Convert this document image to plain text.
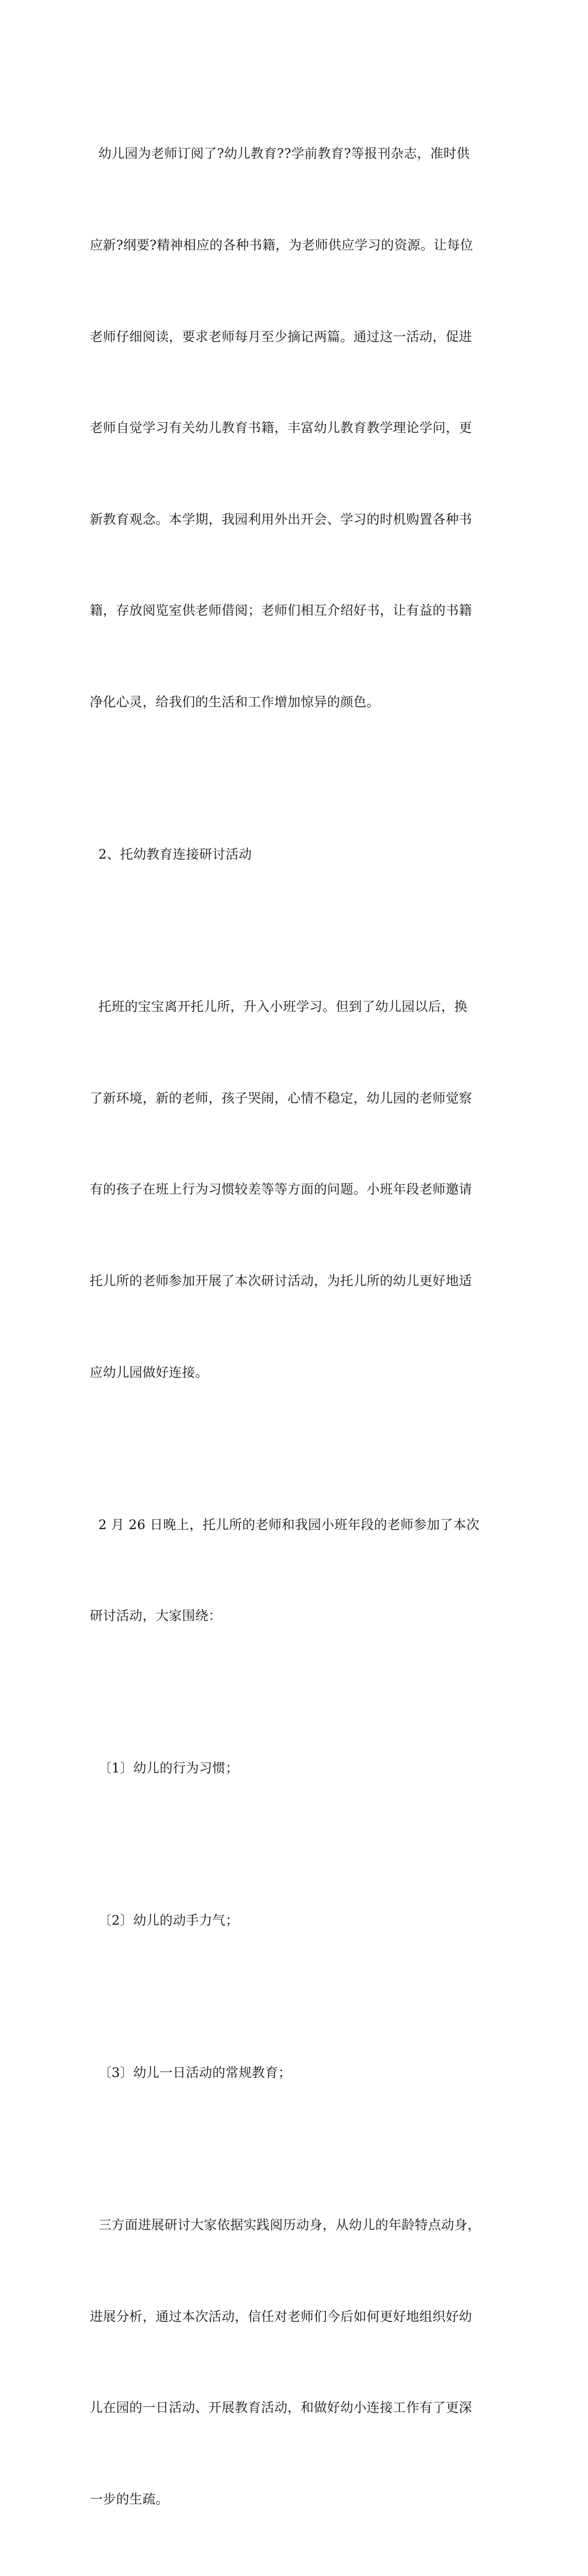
幼儿园为老师订阅了?幼儿教育??学前教育?等报刊杂志，准时供

应新?纲要?精神相应的各种书籍，为老师供应学习的资源。让每位

老师仔细阅读，要求老师每月至少摘记两篇。通过这一活动，促进

老师自觉学习有关幼儿教育书籍，丰富幼儿教育教学理论学问，更

新教育观念。本学期，我园利用外出开会、学习的时机购置各种书

籍，存放阅览室供老师借阅；老师们相互介绍好书，让有益的书籍

净化心灵，给我们的生活和工作增加惊异的颜色。

2、托幼教育连接研讨活动

托班的宝宝离开托儿所，升入小班学习。但到了幼儿园以后，换

了新环境，新的老师，孩子哭闹，心情不稳定，幼儿园的老师觉察

有的孩子在班上行为习惯较差等等方面的问题。小班年段老师邀请

托儿所的老师参加开展了本次研讨活动，为托儿所的幼儿更好地适

应幼儿园做好连接。

2 月 26 日晚上，托儿所的老师和我园小班年段的老师参加了本次

研讨活动，大家围绕：

〔1〕幼儿的行为习惯；

〔2〕幼儿的动手力气；

〔3〕幼儿一日活动的常规教育；

三方面进展研讨大家依据实践阅历动身，从幼儿的年龄特点动身，

进展分析，通过本次活动，信任对老师们今后如何更好地组织好幼

儿在园的一日活动、开展教育活动，和做好幼小连接工作有了更深

一步的生疏。
